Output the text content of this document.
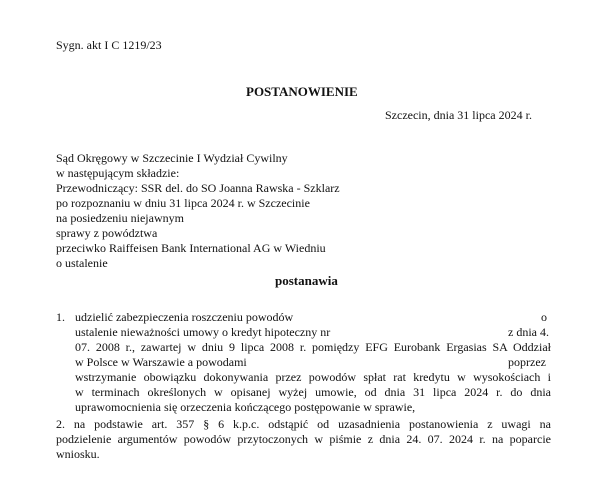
Sygn. akt I C 1219/23
POSTANOWIENIE
Szczecin, dnia 31 lipca 2024 r.
Sąd Okręgowy w Szczecinie I Wydział Cywilny
w następującym składzie:
Przewodniczący: SSR del. do SO Joanna Rawska - Szklarz
po rozpoznaniu w dniu 31 lipca 2024 r. w Szczecinie
na posiedzeniu niejawnym
sprawy z powództwa
przeciwko Raiffeisen Bank International AG w Wiedniu
o ustalenie
postanawia
1. udzielić zabezpieczenia roszczeniu powodów	o
ustalenie nieważności umowy o kredyt hipoteczny nr	z dnia 4.
07. 2008 r., zawartej w dniu 9 lipca 2008 r. pomiędzy EFG Eurobank Ergasias SA Oddział
w Polsce w Warszawie a powodami	poprzez
wstrzymanie obowiązku dokonywania przez powodów spłat rat kredytu w wysokościach i
w terminach określonych w opisanej wyżej umowie, od dnia 31 lipca 2024 r. do dnia
uprawomocnienia się orzeczenia kończącego postępowanie w sprawie,
2. na podstawie art. 357 § 6 k.p.c. odstąpić od uzasadnienia postanowienia z uwagi na
podzielenie argumentów powodów przytoczonych w piśmie z dnia 24. 07. 2024 r. na poparcie
wniosku.
